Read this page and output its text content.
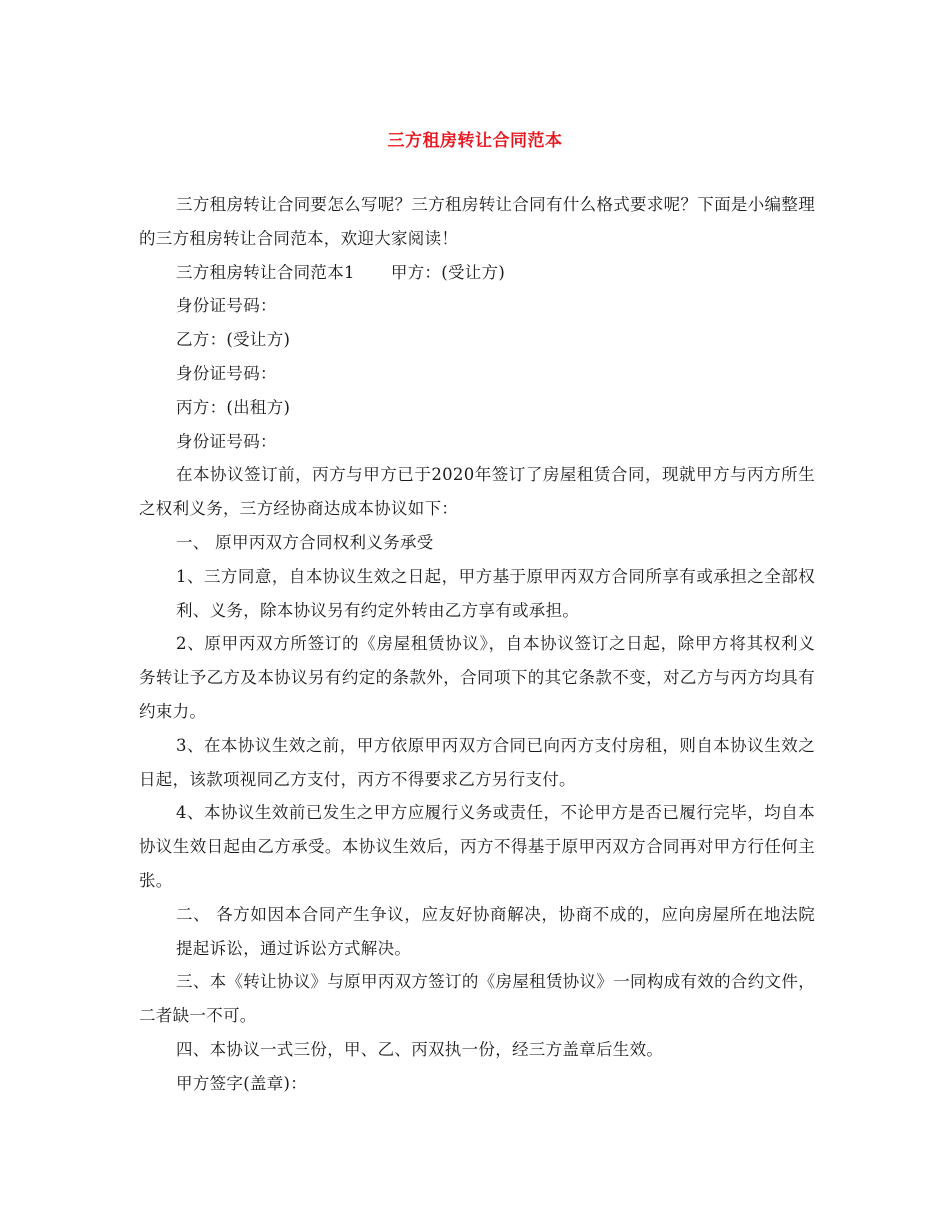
三方租房转让合同范本

三方租房转让合同要怎么写呢？三方租房转让合同有什么格式要求呢？下面是小编整理的三方租房转让合同范本，欢迎大家阅读！

三方租房转让合同范本1 甲方：(受让方)

身份证号码：

乙方：(受让方)

身份证号码：

丙方：(出租方)

身份证号码：

在本协议签订前，丙方与甲方已于2020年签订了房屋租赁合同，现就甲方与丙方所生之权利义务，三方经协商达成本协议如下：

一、 原甲丙双方合同权利义务承受

1、三方同意，自本协议生效之日起，甲方基于原甲丙双方合同所享有或承担之全部权利、义务，除本协议另有约定外转由乙方享有或承担。

2、原甲丙双方所签订的《房屋租赁协议》，自本协议签订之日起，除甲方将其权利义务转让予乙方及本协议另有约定的条款外，合同项下的其它条款不变，对乙方与丙方均具有约束力。

3、在本协议生效之前，甲方依原甲丙双方合同已向丙方支付房租，则自本协议生效之日起，该款项视同乙方支付，丙方不得要求乙方另行支付。

4、本协议生效前已发生之甲方应履行义务或责任，不论甲方是否已履行完毕，均自本协议生效日起由乙方承受。本协议生效后，丙方不得基于原甲丙双方合同再对甲方行任何主张。

二、 各方如因本合同产生争议，应友好协商解决，协商不成的，应向房屋所在地法院提起诉讼，通过诉讼方式解决。

三、本《转让协议》与原甲丙双方签订的《房屋租赁协议》一同构成有效的合约文件，二者缺一不可。

四、本协议一式三份，甲、乙、丙双执一份，经三方盖章后生效。

甲方签字(盖章)：
